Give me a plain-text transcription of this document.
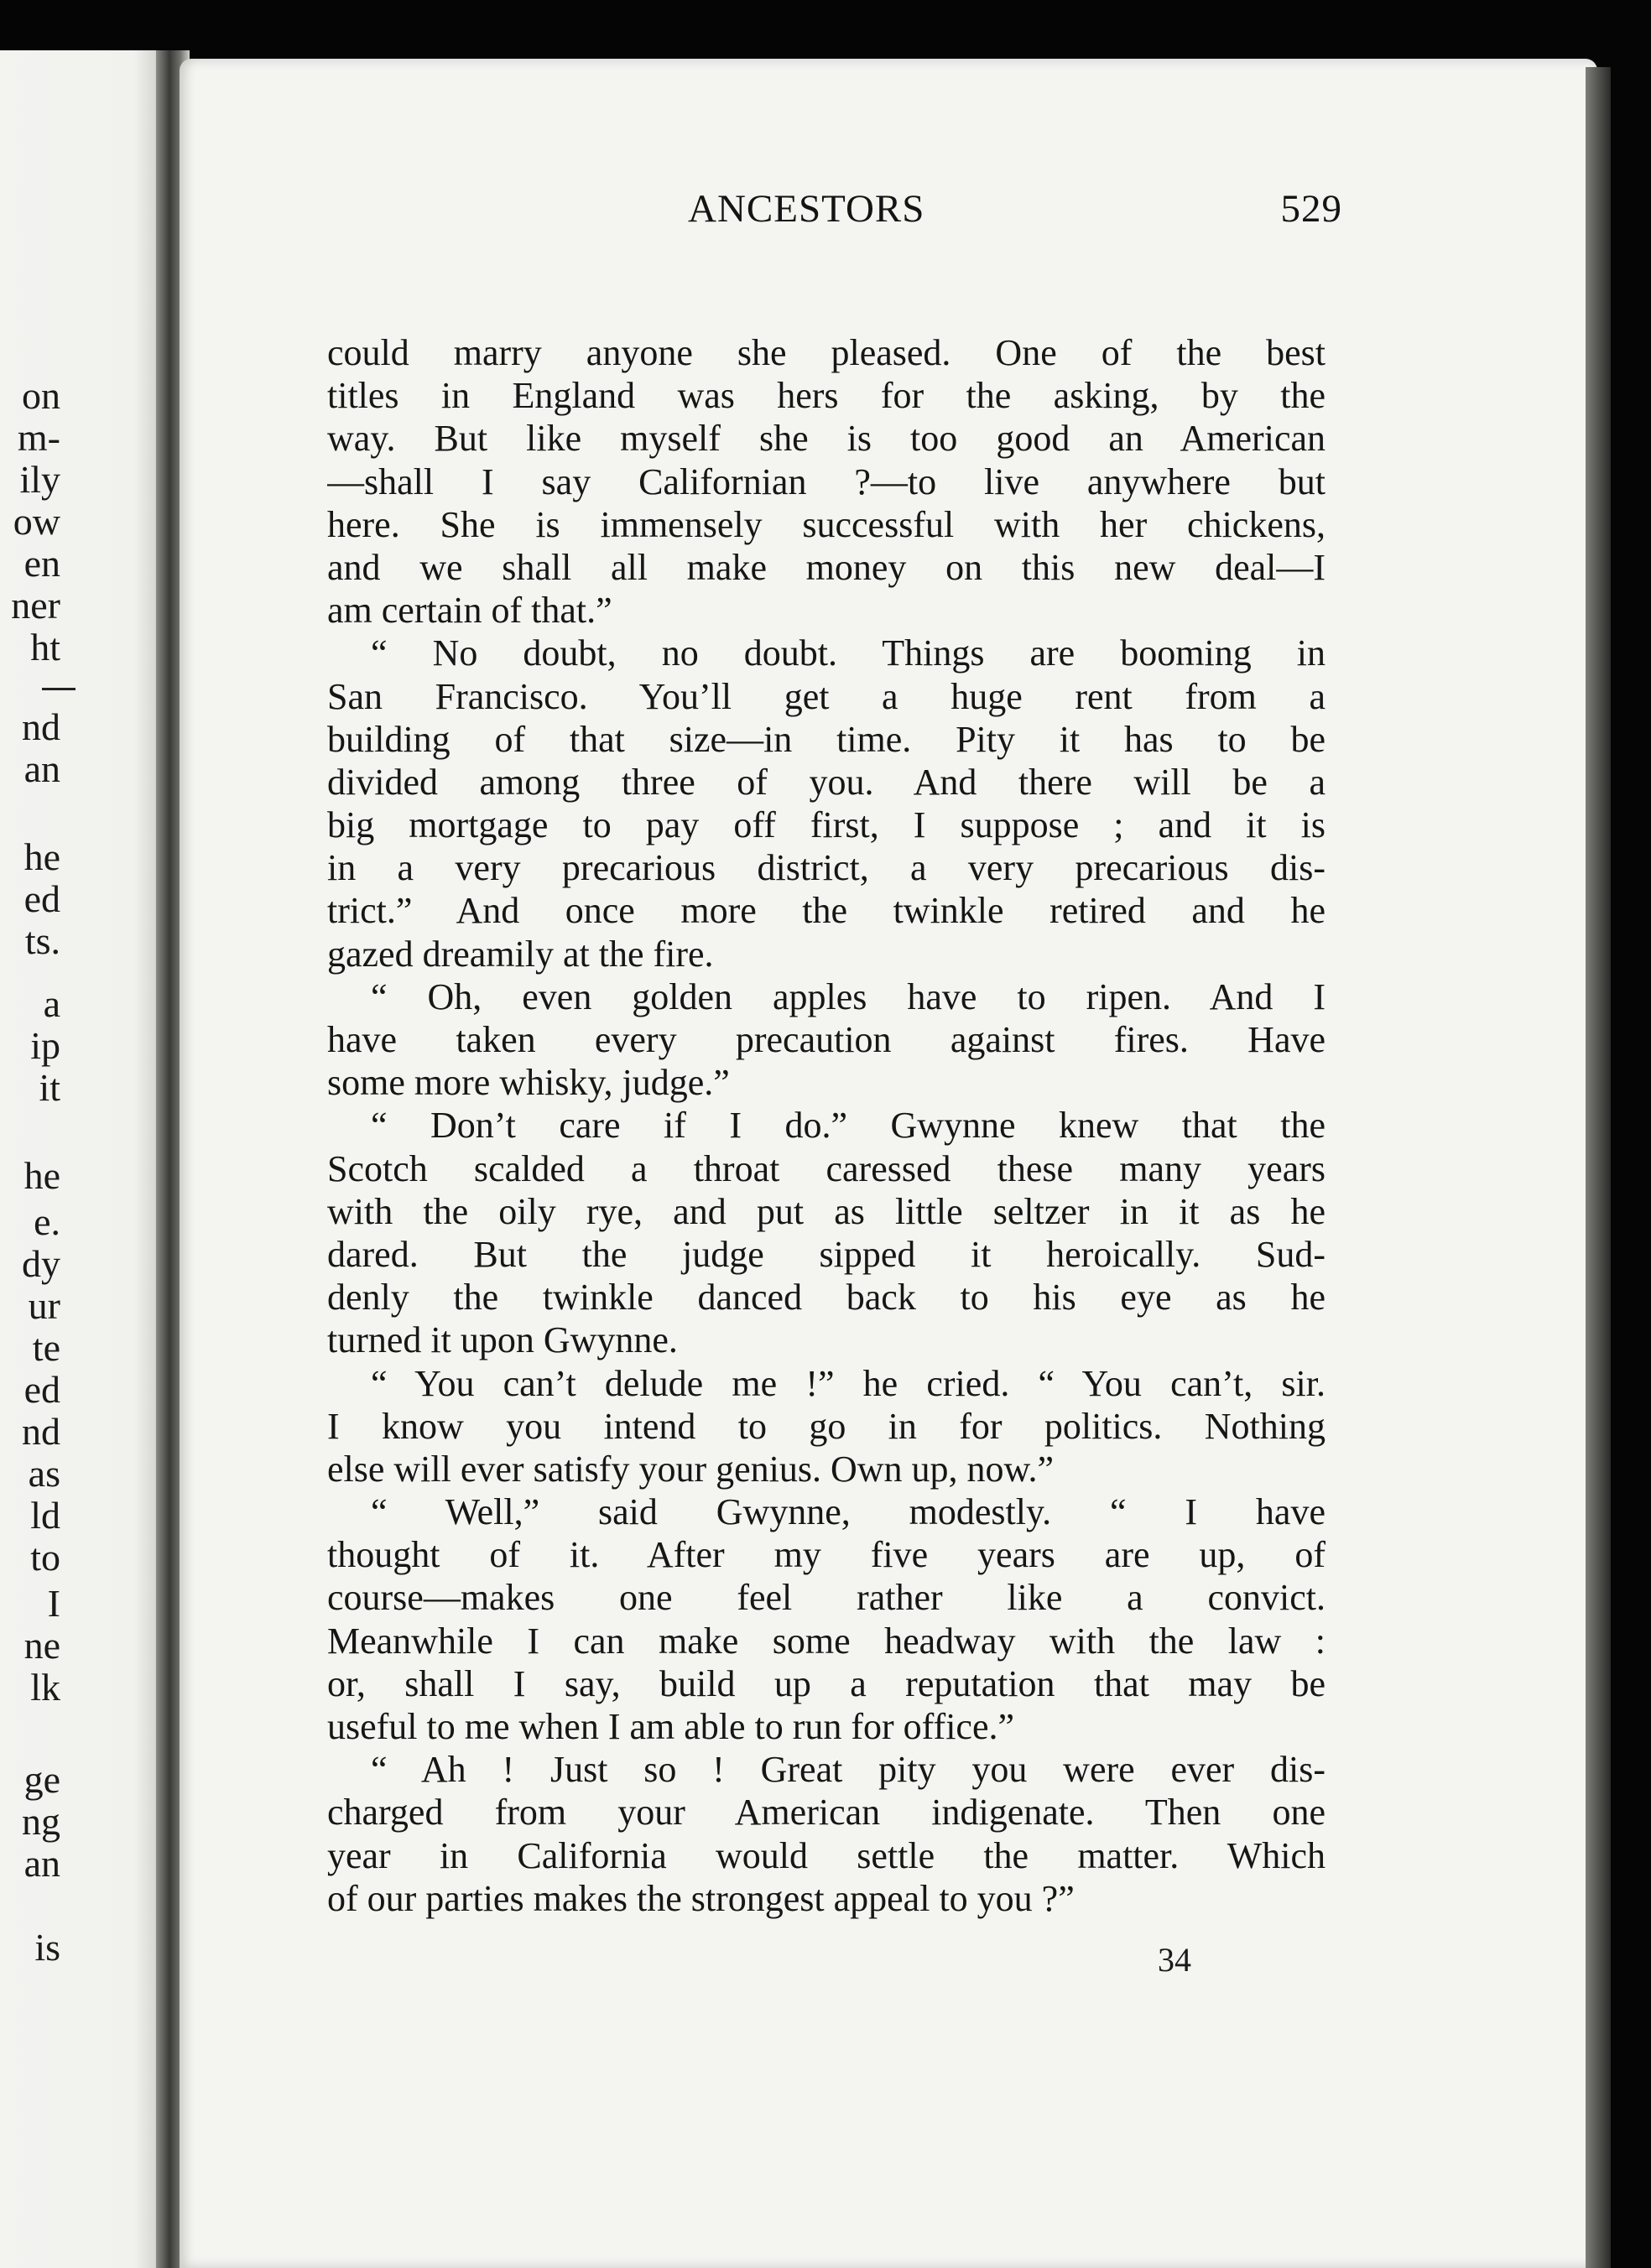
on
m-
ily
ow
en
ner
ht
nd
an
he
ed
ts.
a
ip
it
he
e.
dy
ur
te
ed
nd
as
ld
to
I
ne
lk
ge
ng
an
is
ANCESTORS	529
could marry anyone she pleased. One of the best
titles in England was hers for the asking, by the
way. But like myself she is too good an American
—shall I say Californian ?—to live anywhere but
here. She is immensely successful with her chickens,
and we shall all make money on this new deal—I
am certain of that.”
“ No doubt, no doubt. Things are booming in
San Francisco. You’ll get a huge rent from a
building of that size—in time. Pity it has to be
divided among three of you. And there will be a
big mortgage to pay off first, I suppose ; and it is
in a very precarious district, a very precarious dis-
trict.” And once more the twinkle retired and he
gazed dreamily at the fire.
“ Oh, even golden apples have to ripen. And I
have taken every precaution against fires. Have
some more whisky, judge.”
“ Don’t care if I do.” Gwynne knew that the
Scotch scalded a throat caressed these many years
with the oily rye, and put as little seltzer in it as he
dared. But the judge sipped it heroically. Sud-
denly the twinkle danced back to his eye as he
turned it upon Gwynne.
“ You can’t delude me !” he cried. “ You can’t, sir.
I know you intend to go in for politics. Nothing
else will ever satisfy your genius. Own up, now.”
“ Well,” said Gwynne, modestly. “ I have
thought of it. After my five years are up, of
course—makes one feel rather like a convict.
Meanwhile I can make some headway with the law :
or, shall I say, build up a reputation that may be
useful to me when I am able to run for office.”
“ Ah ! Just so ! Great pity you were ever dis-
charged from your American indigenate. Then one
year in California would settle the matter. Which
of our parties makes the strongest appeal to you ?”
34
